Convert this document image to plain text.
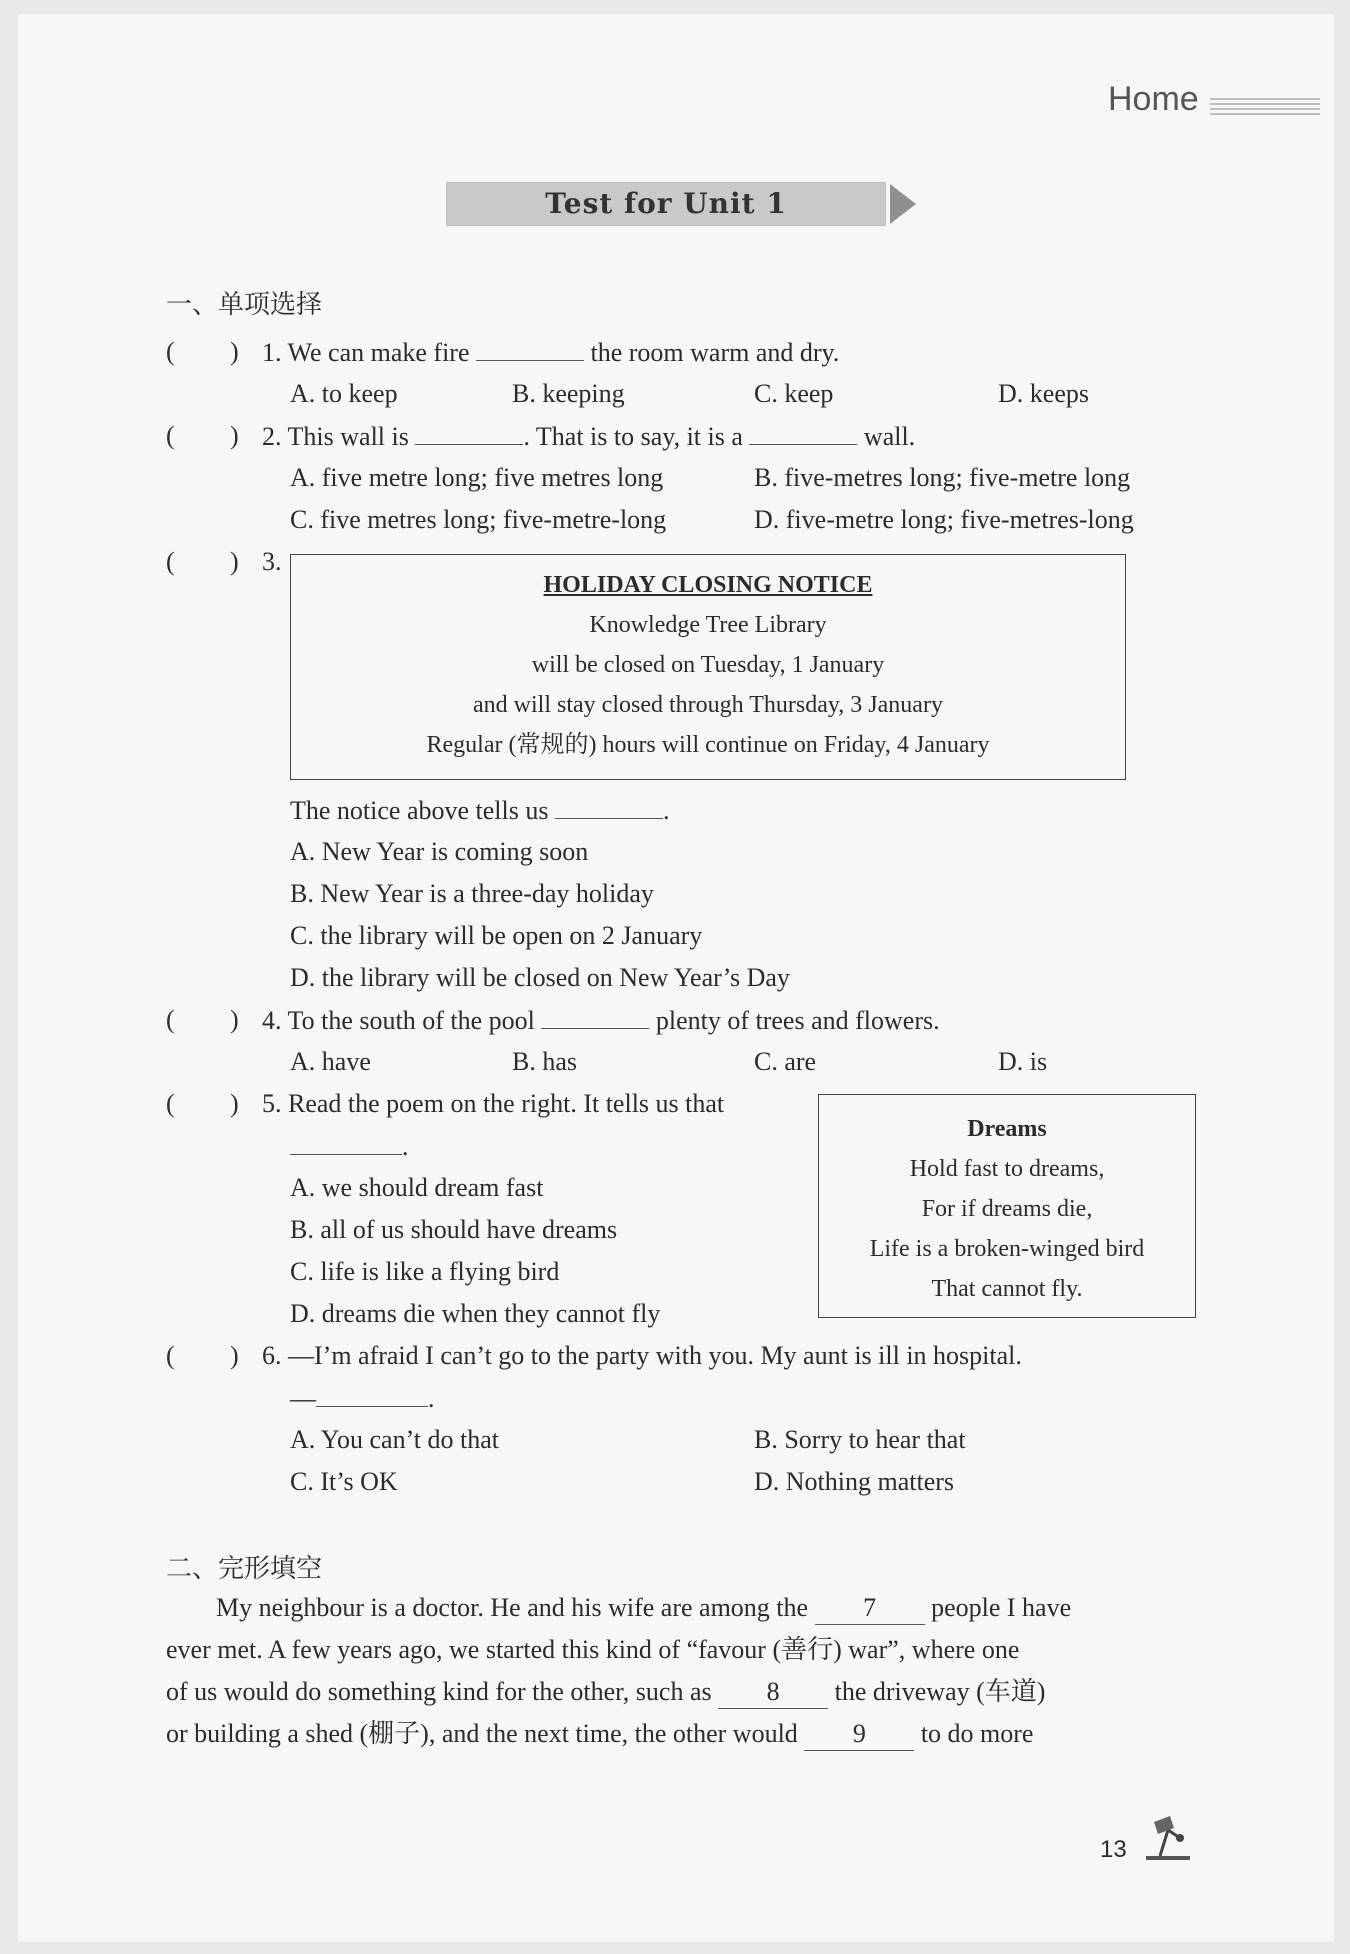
Home
Test for Unit 1
一、单项选择
( ) 1. We can make fire	the room warm and dry.
A. to keep	B. keeping	C. keep	D. keeps
( ) 2. This wall is	. That is to say, it is a	wall.
A. five metre long; five metres long	B. five-metres long; five-metre long
C. five metres long; five-metre-long	D. five-metre long; five-metres-long
( ) 3.
HOLIDAY CLOSING NOTICE
Knowledge Tree Library
will be closed on Tuesday, 1 January
and will stay closed through Thursday, 3 January
Regular (常规的) hours will continue on Friday, 4 January
The notice above tells us	.
A. New Year is coming soon
B. New Year is a three-day holiday
C. the library will be open on 2 January
D. the library will be closed on New Year’s Day
( ) 4. To the south of the pool	plenty of trees and flowers.
A. have	B. has	C. are	D. is
( ) 5. Read the poem on the right. It tells us that
.
A. we should dream fast
B. all of us should have dreams
C. life is like a flying bird
D. dreams die when they cannot fly
Dreams
Hold fast to dreams,
For if dreams die,
Life is a broken-winged bird
That cannot fly.
( ) 6. —I’m afraid I can’t go to the party with you. My aunt is ill in hospital.
—	.
A. You can’t do that	B. Sorry to hear that
C. It’s OK	D. Nothing matters
二、完形填空
My neighbour is a doctor. He and his wife are among the 7 people I have
ever met. A few years ago, we started this kind of “favour (善行) war”, where one
of us would do something kind for the other, such as 8 the driveway (车道)
or building a shed (棚子), and the next time, the other would 9 to do more
13
